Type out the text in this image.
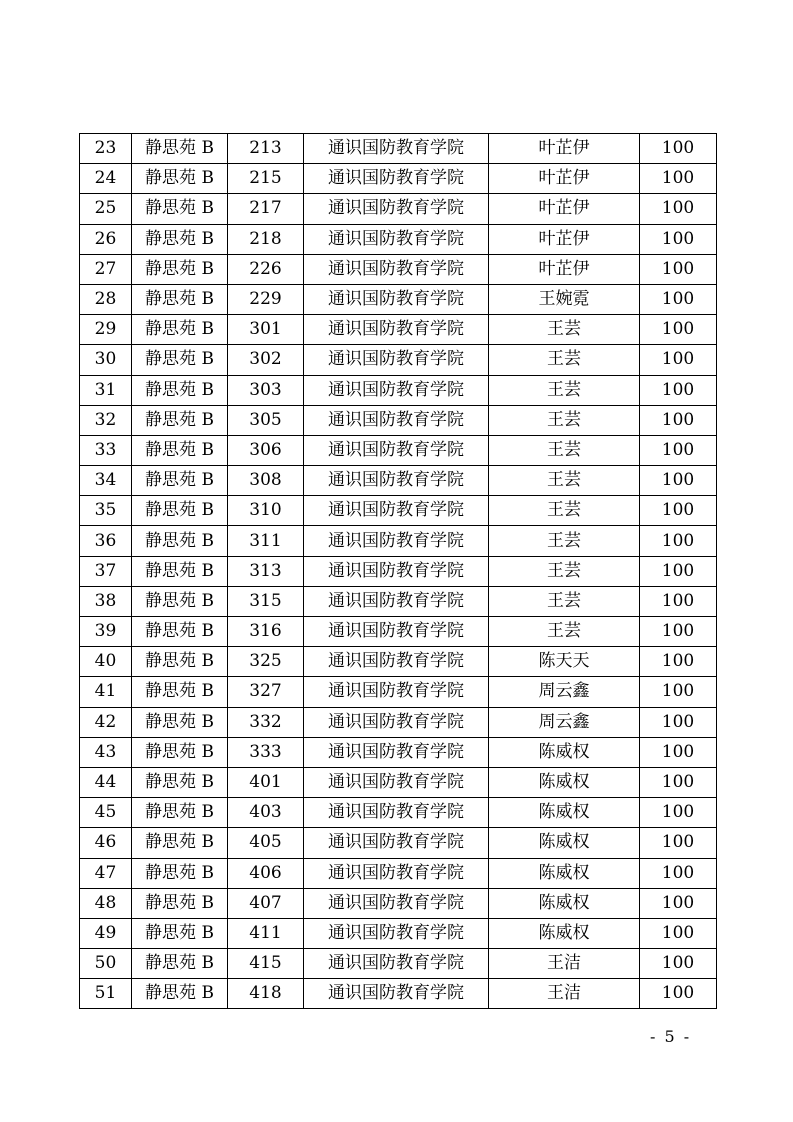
23	静思苑 B	213	通识国防教育学院	叶芷伊	100
24	静思苑 B	215	通识国防教育学院	叶芷伊	100
25	静思苑 B	217	通识国防教育学院	叶芷伊	100
26	静思苑 B	218	通识国防教育学院	叶芷伊	100
27	静思苑 B	226	通识国防教育学院	叶芷伊	100
28	静思苑 B	229	通识国防教育学院	王婉霓	100
29	静思苑 B	301	通识国防教育学院	王芸	100
30	静思苑 B	302	通识国防教育学院	王芸	100
31	静思苑 B	303	通识国防教育学院	王芸	100
32	静思苑 B	305	通识国防教育学院	王芸	100
33	静思苑 B	306	通识国防教育学院	王芸	100
34	静思苑 B	308	通识国防教育学院	王芸	100
35	静思苑 B	310	通识国防教育学院	王芸	100
36	静思苑 B	311	通识国防教育学院	王芸	100
37	静思苑 B	313	通识国防教育学院	王芸	100
38	静思苑 B	315	通识国防教育学院	王芸	100
39	静思苑 B	316	通识国防教育学院	王芸	100
40	静思苑 B	325	通识国防教育学院	陈天天	100
41	静思苑 B	327	通识国防教育学院	周云鑫	100
42	静思苑 B	332	通识国防教育学院	周云鑫	100
43	静思苑 B	333	通识国防教育学院	陈威权	100
44	静思苑 B	401	通识国防教育学院	陈威权	100
45	静思苑 B	403	通识国防教育学院	陈威权	100
46	静思苑 B	405	通识国防教育学院	陈威权	100
47	静思苑 B	406	通识国防教育学院	陈威权	100
48	静思苑 B	407	通识国防教育学院	陈威权	100
49	静思苑 B	411	通识国防教育学院	陈威权	100
50	静思苑 B	415	通识国防教育学院	王洁	100
51	静思苑 B	418	通识国防教育学院	王洁	100
- 5 -
